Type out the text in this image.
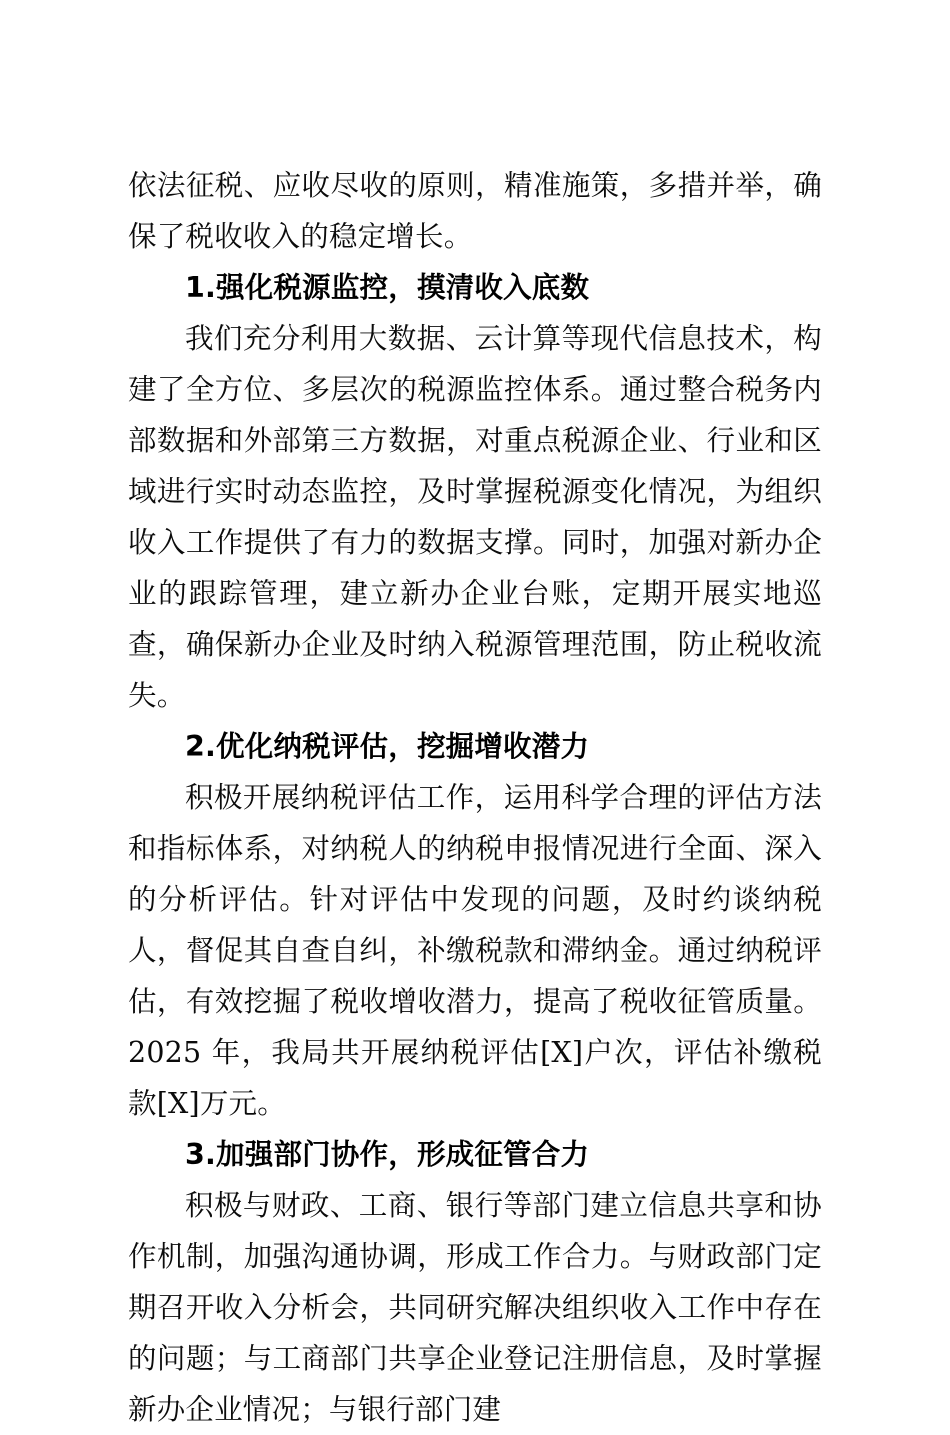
依法征税、应收尽收的原则，精准施策，多措并举，确保了税收收入的稳定增长。

1.强化税源监控，摸清收入底数

我们充分利用大数据、云计算等现代信息技术，构建了全方位、多层次的税源监控体系。通过整合税务内部数据和外部第三方数据，对重点税源企业、行业和区域进行实时动态监控，及时掌握税源变化情况，为组织收入工作提供了有力的数据支撑。同时，加强对新办企业的跟踪管理，建立新办企业台账，定期开展实地巡查，确保新办企业及时纳入税源管理范围，防止税收流失。

2.优化纳税评估，挖掘增收潜力

积极开展纳税评估工作，运用科学合理的评估方法和指标体系，对纳税人的纳税申报情况进行全面、深入的分析评估。针对评估中发现的问题，及时约谈纳税人，督促其自查自纠，补缴税款和滞纳金。通过纳税评估，有效挖掘了税收增收潜力，提高了税收征管质量。2025 年，我局共开展纳税评估[X]户次，评估补缴税款[X]万元。

3.加强部门协作，形成征管合力

积极与财政、工商、银行等部门建立信息共享和协作机制，加强沟通协调，形成工作合力。与财政部门定期召开收入分析会，共同研究解决组织收入工作中存在的问题；与工商部门共享企业登记注册信息，及时掌握新办企业情况；与银行部门建
